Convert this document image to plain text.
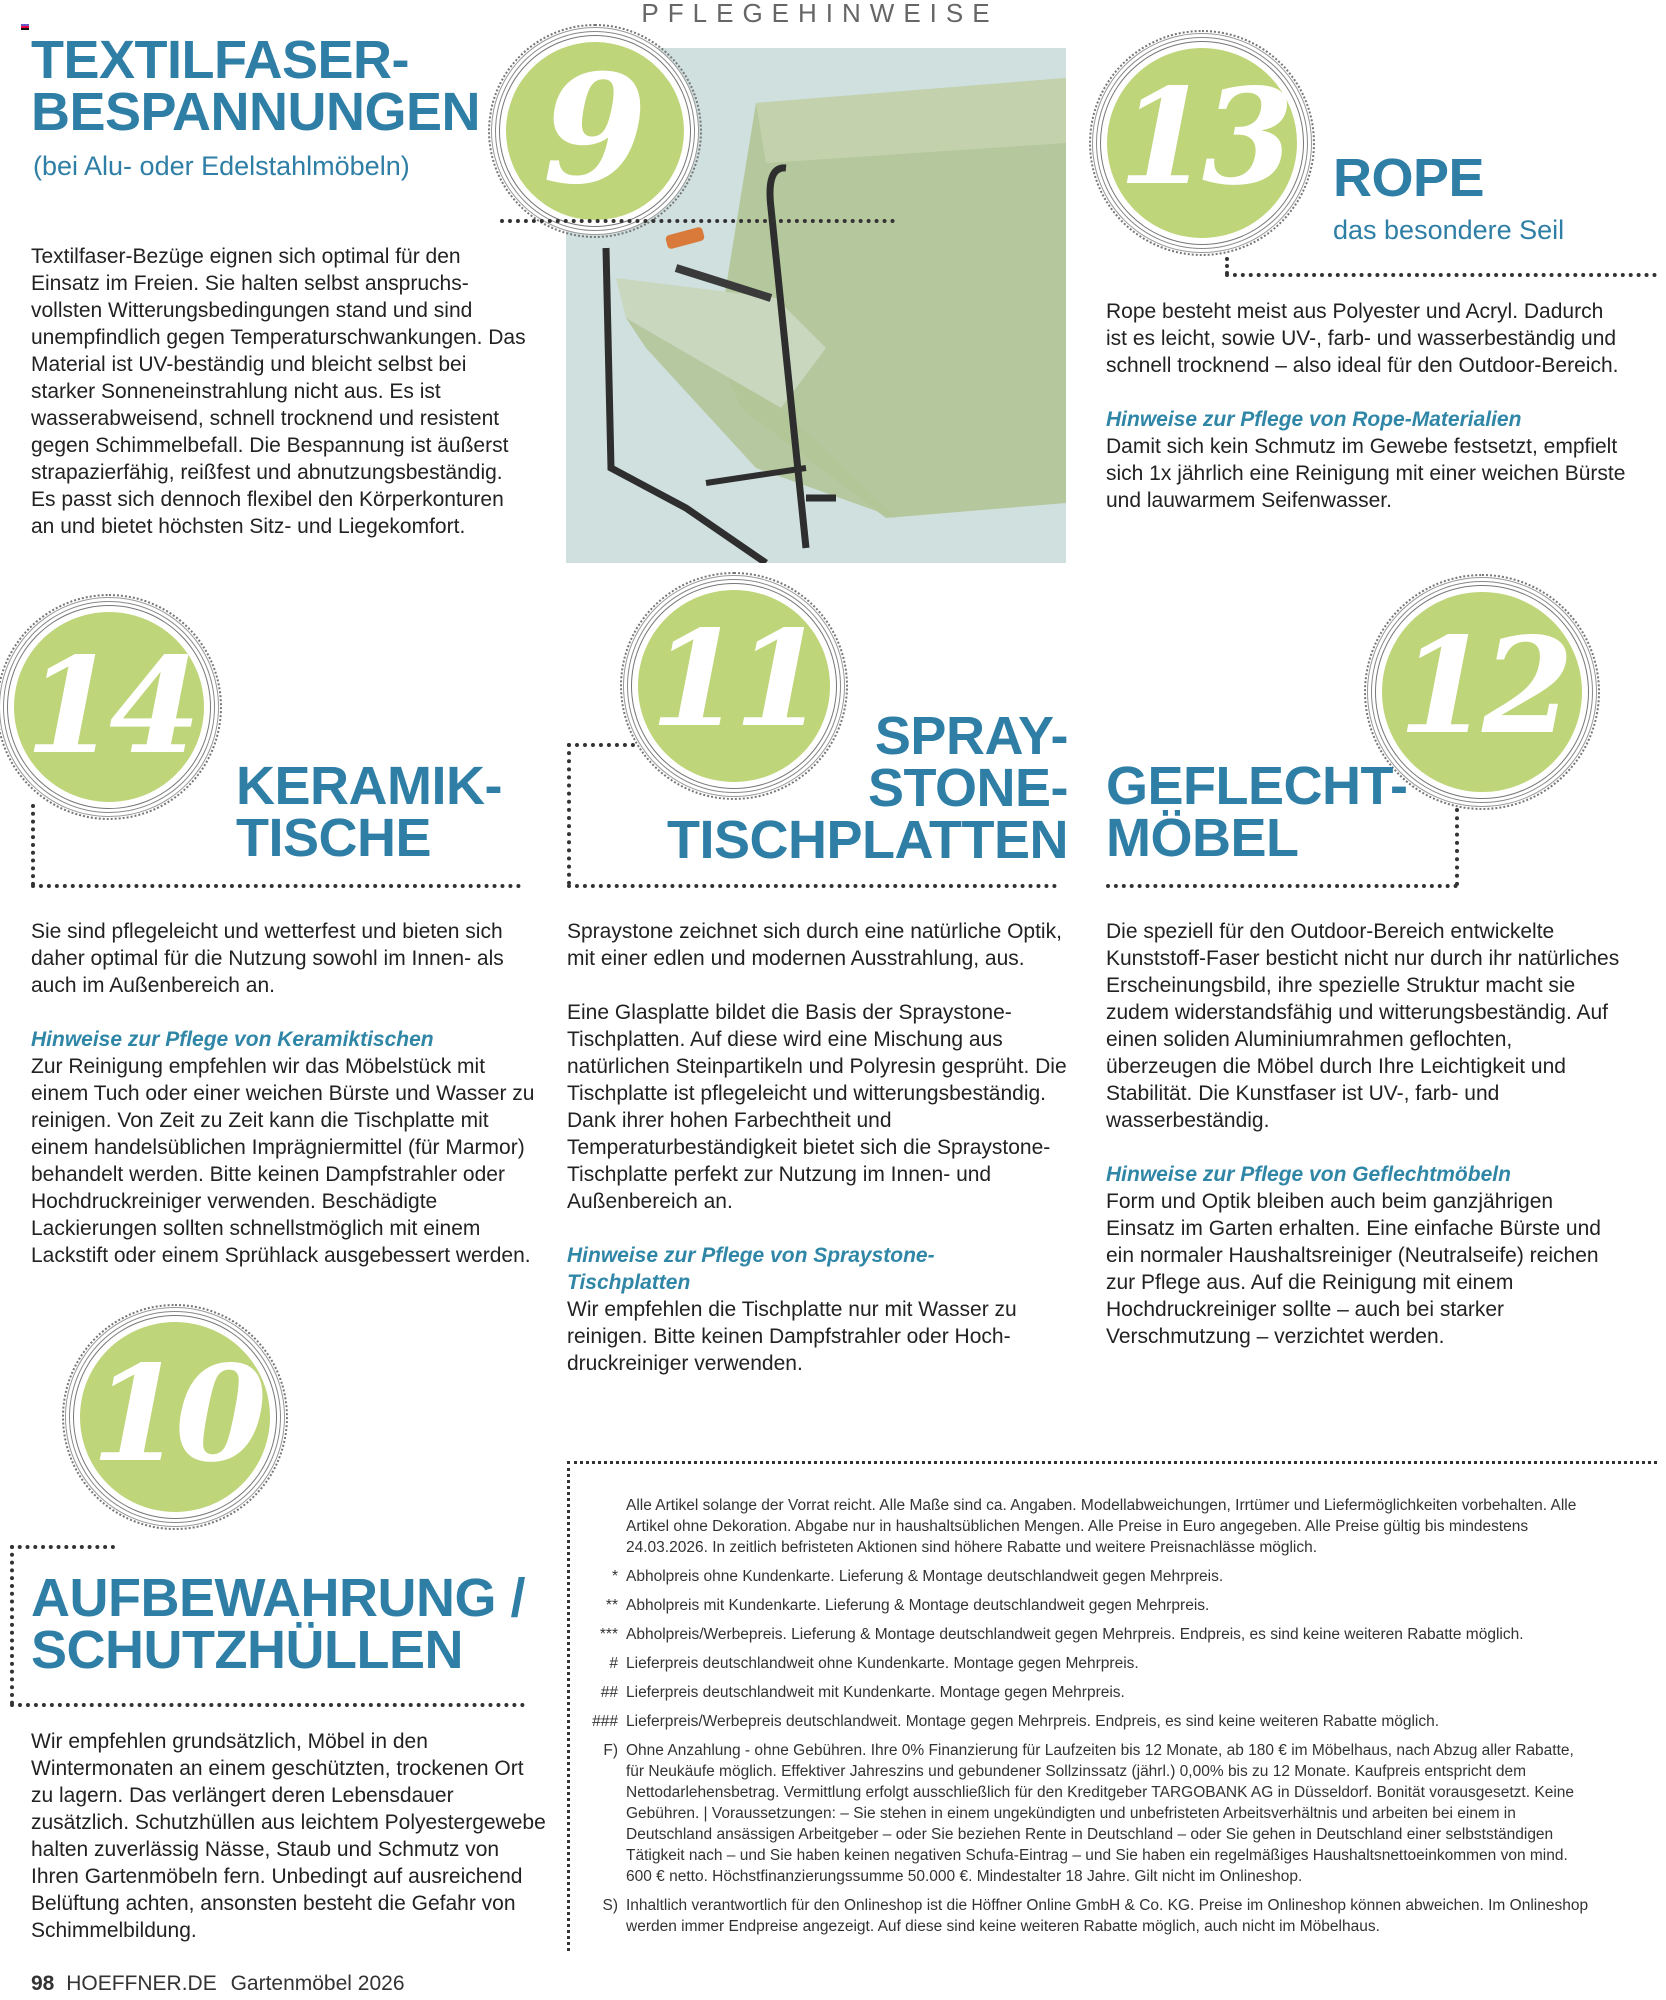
PFLEGEHINWEISE
TEXTILFASER-
BESPANNUNGEN
(bei Alu- oder Edelstahlmöbeln) 9

Textilfaser-Bezüge eignen sich optimal für den Einsatz im Freien. Sie halten selbst anspruchsvollsten Witterungsbedingungen stand und sind unempfindlich gegen Temperaturschwankungen. Das Material ist UV-beständig und bleicht selbst bei starker Sonneneinstrahlung nicht aus. Es ist wasserabweisend, schnell trocknend und resistent gegen Schimmelbefall. Die Bespannung ist äußerst strapazierfähig, reißfest und abnutzungsbeständig. Es passt sich dennoch flexibel den Körperkonturen an und bietet höchsten Sitz- und Liegekomfort.

13 ROPE
das besondere Seil

Rope besteht meist aus Polyester und Acryl. Dadurch ist es leicht, sowie UV-, farb- und wasserbeständig und schnell trocknend – also ideal für den Outdoor-Bereich.

Hinweise zur Pflege von Rope-Materialien
Damit sich kein Schmutz im Gewebe festsetzt, empfielt sich 1x jährlich eine Reinigung mit einer weichen Bürste und lauwarmem Seifenwasser.
14
KERAMIK-
TISCHE

Sie sind pflegeleicht und wetterfest und bieten sich daher optimal für die Nutzung sowohl im Innen- als auch im Außenbereich an.

Hinweise zur Pflege von Keramiktischen
Zur Reinigung empfehlen wir das Möbelstück mit einem Tuch oder einer weichen Bürste und Wasser zu reinigen. Von Zeit zu Zeit kann die Tischplatte mit einem handelsüblichen Imprägniermittel (für Marmor) behandelt werden. Bitte keinen Dampfstrahler oder Hochdruckreiniger verwenden. Beschädigte Lackierungen sollten schnellstmöglich mit einem Lackstift oder einem Sprühlack ausgebessert werden.
11	SPRAY-
STONE-
TISCHPLATTEN

Spraystone zeichnet sich durch eine natürliche Optik, mit einer edlen und modernen Ausstrahlung, aus.

Eine Glasplatte bildet die Basis der Spraystone-Tischplatten. Auf diese wird eine Mischung aus natürlichen Steinpartikeln und Polyresin gesprüht. Die Tischplatte ist pflegeleicht und witterungsbeständig. Dank ihrer hohen Farbechtheit und Temperaturbeständigkeit bietet sich die Spraystone-Tischplatte perfekt zur Nutzung im Innen- und Außenbereich an.

Hinweise zur Pflege von Spraystone-Tischplatten
Wir empfehlen die Tischplatte nur mit Wasser zu reinigen. Bitte keinen Dampfstrahler oder Hochdruckreiniger verwenden.
12
GEFLECHT-
MÖBEL

Die speziell für den Outdoor-Bereich entwickelte Kunststoff-Faser besticht nicht nur durch ihr natürliches Erscheinungsbild, ihre spezielle Struktur macht sie zudem widerstandsfähig und witterungsbeständig. Auf einen soliden Aluminiumrahmen geflochten, überzeugen die Möbel durch Ihre Leichtigkeit und Stabilität. Die Kunstfaser ist UV-, farb- und wasserbeständig.

Hinweise zur Pflege von Geflechtmöbeln
Form und Optik bleiben auch beim ganzjährigen Einsatz im Garten erhalten. Eine einfache Bürste und ein normaler Haushaltsreiniger (Neutralseife) reichen zur Pflege aus. Auf die Reinigung mit einem Hochdruckreiniger sollte – auch bei starker Verschmutzung – verzichtet werden.
10
AUFBEWAHRUNG /
SCHUTZHÜLLEN

Wir empfehlen grundsätzlich, Möbel in den Wintermonaten an einem geschützten, trockenen Ort zu lagern. Das verlängert deren Lebensdauer zusätzlich. Schutzhüllen aus leichtem Polyestergewebe halten zuverlässig Nässe, Staub und Schmutz von Ihren Gartenmöbeln fern. Unbedingt auf ausreichend Belüftung achten, ansonsten besteht die Gefahr von Schimmelbildung.

Alle Artikel solange der Vorrat reicht. Alle Maße sind ca. Angaben. Modellabweichungen, Irrtümer und Liefermöglichkeiten vorbehalten. Alle Artikel ohne Dekoration. Abgabe nur in haushaltsüblichen Mengen. Alle Preise in Euro angegeben. Alle Preise gültig bis mindestens 24.03.2026. In zeitlich befristeten Aktionen sind höhere Rabatte und weitere Preisnachlässe möglich.
* Abholpreis ohne Kundenkarte. Lieferung & Montage deutschlandweit gegen Mehrpreis.
** Abholpreis mit Kundenkarte. Lieferung & Montage deutschlandweit gegen Mehrpreis.
*** Abholpreis/Werbepreis. Lieferung & Montage deutschlandweit gegen Mehrpreis. Endpreis, es sind keine weiteren Rabatte möglich.
# Lieferpreis deutschlandweit ohne Kundenkarte. Montage gegen Mehrpreis.
## Lieferpreis deutschlandweit mit Kundenkarte. Montage gegen Mehrpreis.
### Lieferpreis/Werbepreis deutschlandweit. Montage gegen Mehrpreis. Endpreis, es sind keine weiteren Rabatte möglich.
F) Ohne Anzahlung - ohne Gebühren. Ihre 0% Finanzierung für Laufzeiten bis 12 Monate, ab 180 € im Möbelhaus, nach Abzug aller Rabatte, für Neukäufe möglich. Effektiver Jahreszins und gebundener Sollzinssatz (jährl.) 0,00% bis zu 12 Monate. Kaufpreis entspricht dem Nettodarlehensbetrag. Vermittlung erfolgt ausschließlich für den Kreditgeber TARGOBANK AG in Düsseldorf. Bonität vorausgesetzt. Keine Gebühren. | Voraussetzungen: – Sie stehen in einem ungekündigten und unbefristeten Arbeitsverhältnis und arbeiten bei einem in Deutschland ansässigen Arbeitgeber – oder Sie beziehen Rente in Deutschland – oder Sie gehen in Deutschland einer selbstständigen Tätigkeit nach – und Sie haben keinen negativen Schufa-Eintrag – und Sie haben ein regelmäßiges Haushaltsnettoeinkommen von mind. 600 € netto. Höchstfinanzierungssumme 50.000 €. Mindestalter 18 Jahre. Gilt nicht im Onlineshop.
S) Inhaltlich verantwortlich für den Onlineshop ist die Höffner Online GmbH & Co. KG. Preise im Onlineshop können abweichen. Im Onlineshop werden immer Endpreise angezeigt. Auf diese sind keine weiteren Rabatte möglich, auch nicht im Möbelhaus.
98 HOEFFNER.DE Gartenmöbel 2026
